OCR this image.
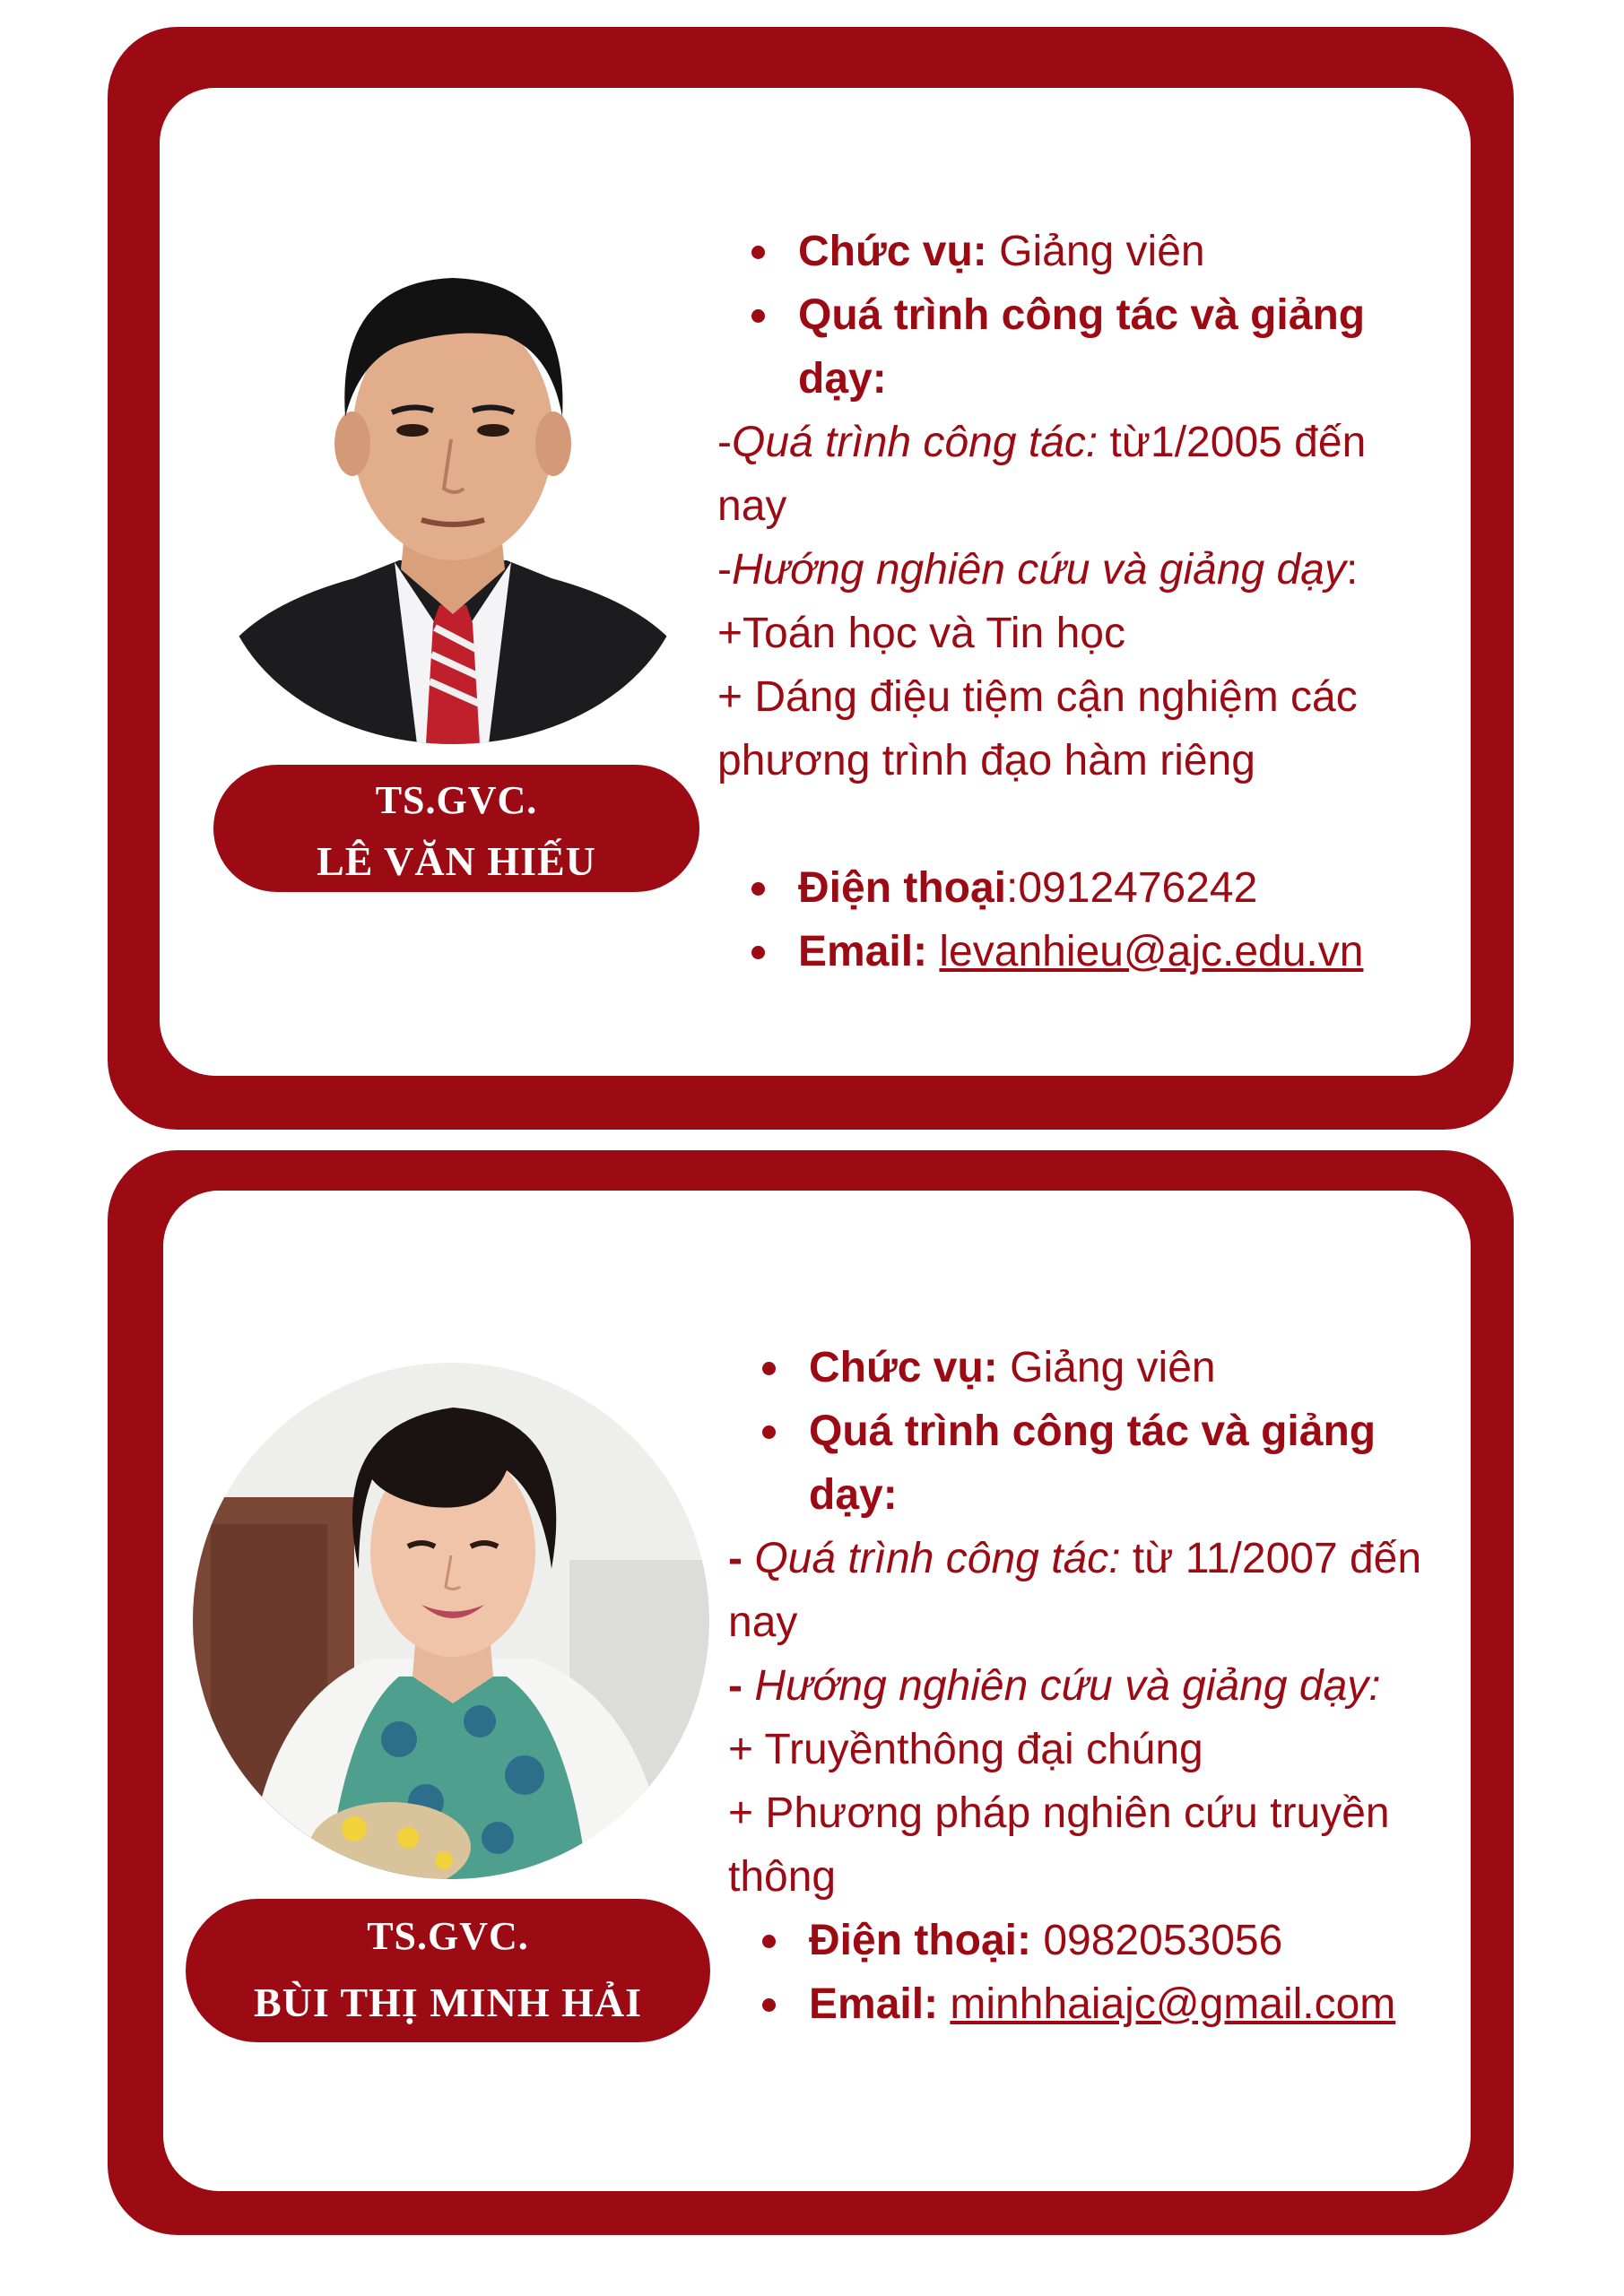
TS.GVC.
LÊ VĂN HIẾU
Chức vụ: Giảng viên
Quá trình công tác và giảng dạy:
-Quá trình công tác: từ1/2005 đến nay
-Hướng nghiên cứu và giảng dạy:
+Toán học và Tin học
+ Dáng điệu tiệm cận nghiệm các phương trình đạo hàm riêng
Điện thoại:0912476242
Email: levanhieu@ajc.edu.vn
TS.GVC.
BÙI THỊ MINH HẢI
Chức vụ: Giảng viên
Quá trình công tác và giảng dạy:
- Quá trình công tác: từ 11/2007 đến nay
- Hướng nghiên cứu và giảng dạy:
+ Truyềnthông đại chúng
+ Phương pháp nghiên cứu truyền thông
Điện thoại: 0982053056
Email: minhhaiajc@gmail.com
